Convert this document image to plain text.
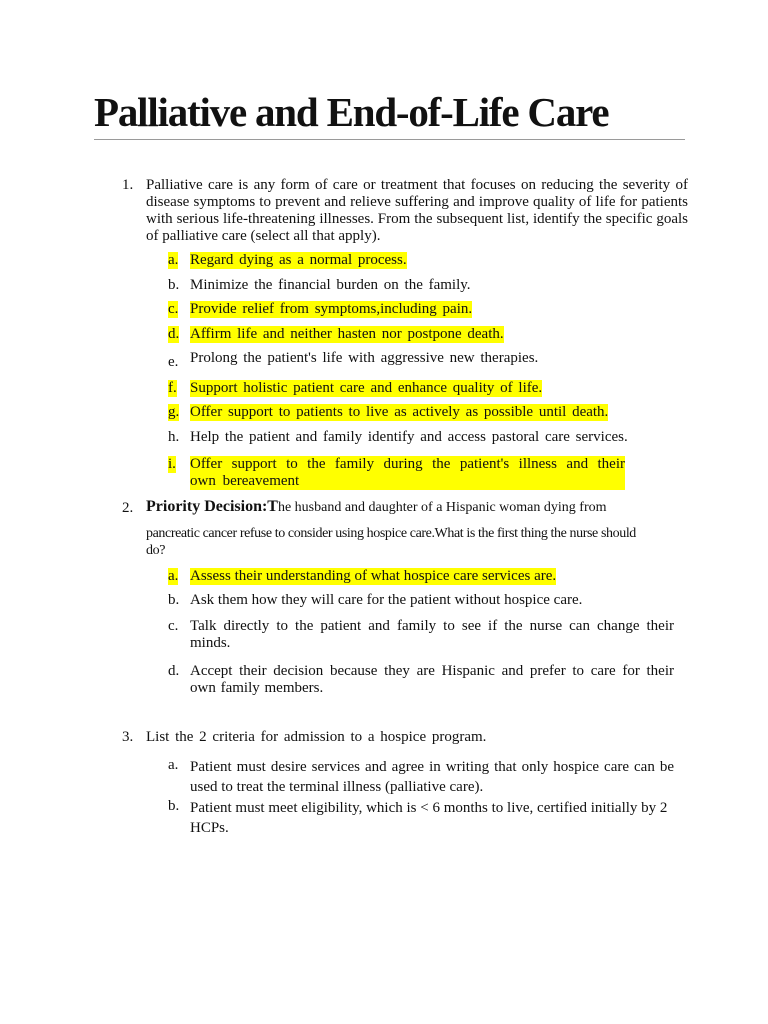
Palliative and End-of-Life Care
1. Palliative care is any form of care or treatment that focuses on reducing the severity of disease symptoms to prevent and relieve suffering and improve quality of life for patients with serious life-threatening illnesses. From the subsequent list, identify the specific goals of palliative care (select all that apply).
a. Regard dying as a normal process.
b. Minimize the financial burden on the family.
c. Provide relief from symptoms,including pain.
d. Affirm life and neither hasten nor postpone death.
e. Prolong the patient's life with aggressive new therapies.
f. Support holistic patient care and enhance quality of life.
g. Offer support to patients to live as actively as possible until death.
h. Help the patient and family identify and access pastoral care services.
i. Offer support to the family during the patient's illness and their own bereavement
2. Priority Decision:The husband and daughter of a Hispanic woman dying from
pancreatic cancer refuse to consider using hospice care.What is the first thing the nurse should do?
a. Assess their understanding of what hospice care services are.
b. Ask them how they will care for the patient without hospice care.
c. Talk directly to the patient and family to see if the nurse can change their minds.
d. Accept their decision because they are Hispanic and prefer to care for their own family members.
3. List the 2 criteria for admission to a hospice program.
a. Patient must desire services and agree in writing that only hospice care can be used to treat the terminal illness (palliative care).
b. Patient must meet eligibility, which is < 6 months to live, certified initially by 2 HCPs.
